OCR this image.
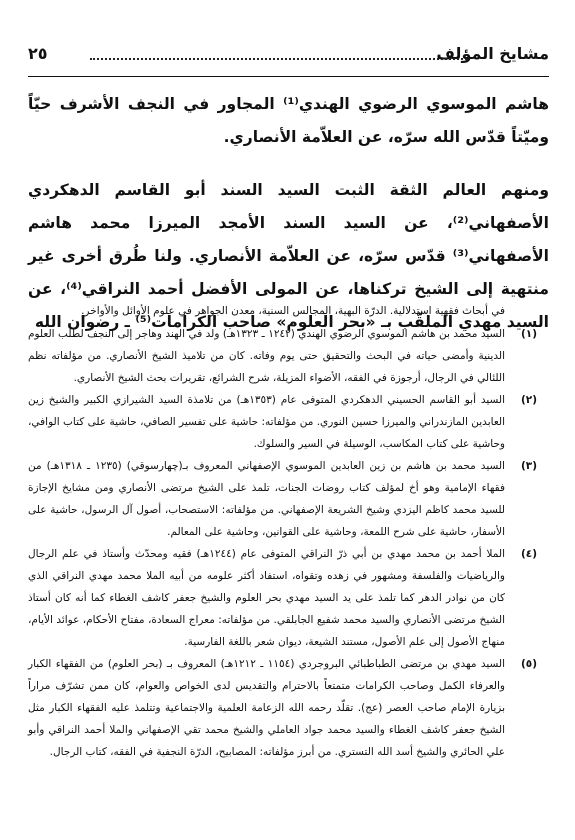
مشايخ المؤلف
٢٥

هاشم الموسوي الرضوي الهندي⁽¹⁾ المجاور في النجف الأشرف حيّاً وميّتاً قدّس الله سرّه، عن العلاّمة الأنصاري.

ومنهم العالم الثقة الثبت السيد السند أبو القاسم الدهكردي الأصفهاني⁽²⁾، عن السيد السند الأمجد الميرزا محمد هاشم الأصفهاني⁽³⁾ قدّس سرّه، عن العلاّمة الأنصاري. ولنا طُرق أخرى غير منتهية إلى الشيخ تركناها، عن المولى الأفضل أحمد النراقي⁽⁴⁾، عن السيد مهدي الملقّب بـ «بحر العلوم» صاحب الكرامات⁽⁵⁾ ـ رضوان الله

في أبحاث فقهية استدلالية. الدرّة البهية، المجالس السنية، معدن الجواهر في علوم الأوائل والأواخر.
(١)
السيد محمد بن هاشم الموسوي الرضوي الهندي (١٢٤٢ ـ ١٣٢٣هـ) ولد في الهند وهاجر إلى النجف لطلب العلوم الدينية وأمضى حياته في البحث والتحقيق حتى يوم وفاته. كان من تلاميذ الشيخ الأنصاري. من مؤلفاته نظم اللئالي في الرجال، أرجوزة في الفقه، الأضواء المزيلة، شرح الشرائع، تقريرات بحث الشيخ الأنصاري.
(٢)
السيد أبو القاسم الحسيني الدهكردي المتوفى عام (١٣٥٣هـ) من تلامذة السيد الشيرازي الكبير والشيخ زين العابدين المازندراني والميرزا حسين النوري. من مؤلفاته: حاشية على تفسير الصافي، حاشية على كتاب الوافي، وحاشية على كتاب المكاسب، الوسيلة في السير والسلوك.
(٣)
السيد محمد بن هاشم بن زين العابدين الموسوي الإصفهاني المعروف بـ(چهارسوقي) (١٢٣٥ ـ ١٣١٨هـ) من فقهاء الإمامية وهو أخ لمؤلف كتاب روضات الجنات، تلمذ على الشيخ مرتضى الأنصاري ومن مشايخ الإجازة للسيد محمد كاظم اليزدي وشيخ الشريعة الإصفهاني. من مؤلفاته: الاستصحاب، أصول آل الرسول، حاشية على الأسفار، حاشية على شرح اللمعة، وحاشية على القوانين، وحاشية على المعالم.
(٤)
الملا أحمد بن محمد مهدي بن أبي ذرّ النراقي المتوفى عام (١٢٤٤هـ) فقيه ومحدّث وأستاذ في علم الرجال والرياضيات والفلسفة ومشهور في زهده وتقواه، استفاد أكثر علومه من أبيه الملا محمد مهدي النراقي الذي كان من نوادر الدهر كما تلمذ على يد السيد مهدي بحر العلوم والشيخ جعفر كاشف الغطاء كما أنه كان أستاذ الشيخ مرتضى الأنصاري والسيد محمد شفيع الجابلقي. من مؤلفاته: معراج السعادة، مفتاح الأحكام، عوائد الأيام، منهاج الأصول إلى علم الأصول، مستند الشيعة، ديوان شعر باللغة الفارسية.
(٥)
السيد مهدي بن مرتضى الطباطبائي البروجردي (١١٥٤ ـ ١٢١٢هـ) المعروف بـ (بحر العلوم) من الفقهاء الكبار والعرفاء الكمل وصاحب الكرامات متمتعاً بالاحترام والتقديس لدى الخواص والعوام، كان ممن تشرّف مراراً بزيارة الإمام صاحب العصر (عج). تقلّد رحمه الله الزعامة العلمية والاجتماعية وتتلمذ عليه الفقهاء الكبار مثل الشيخ جعفر كاشف الغطاء والسيد محمد جواد العاملي والشيخ محمد تقي الإصفهاني والملا أحمد النراقي وأبو علي الحائري والشيخ أسد الله التستري. من أبرز مؤلفاته: المصابيح، الدرّة النجفية في الفقه، كتاب الرجال.
